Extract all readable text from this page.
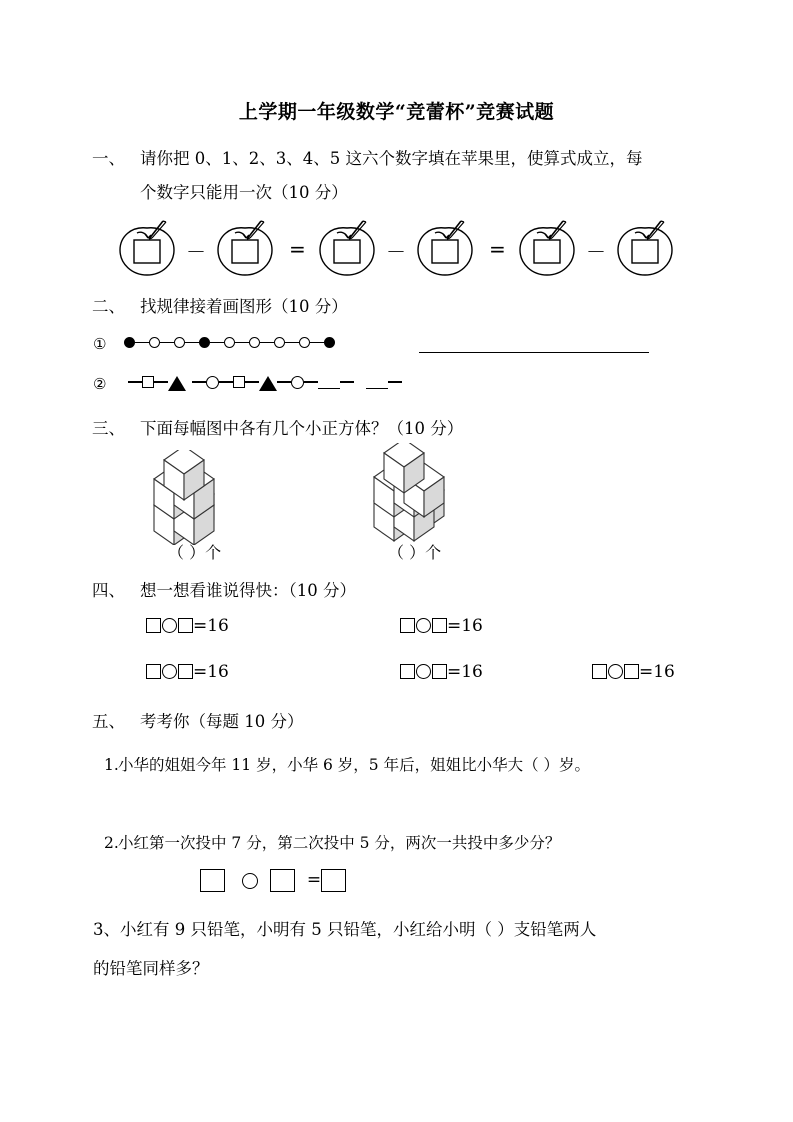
上学期一年级数学“竞蕾杯”竞赛试题
一、 请你把 0、1、2、3、4、5 这六个数字填在苹果里，使算式成立，每
个数字只能用一次（10 分）
－	=	－	=	－
二、 找规律接着画图形（10 分）
①
②
三、 下面每幅图中各有几个小正方体？（10 分）
（ ）个	（ ）个
四、 想一想看谁说得快：（10 分）
=16	=16
=16	=16	=16
五、 考考你（每题 10 分）
1. 小华的姐姐今年 11 岁，小华 6 岁，5 年后，姐姐比小华大（ ）岁。
2. 小红第一次投中 7 分，第二次投中 5 分，两次一共投中多少分？
=
3、 小红有 9 只铅笔，小明有 5 只铅笔，小红给小明（ ）支铅笔两人
的铅笔同样多？
